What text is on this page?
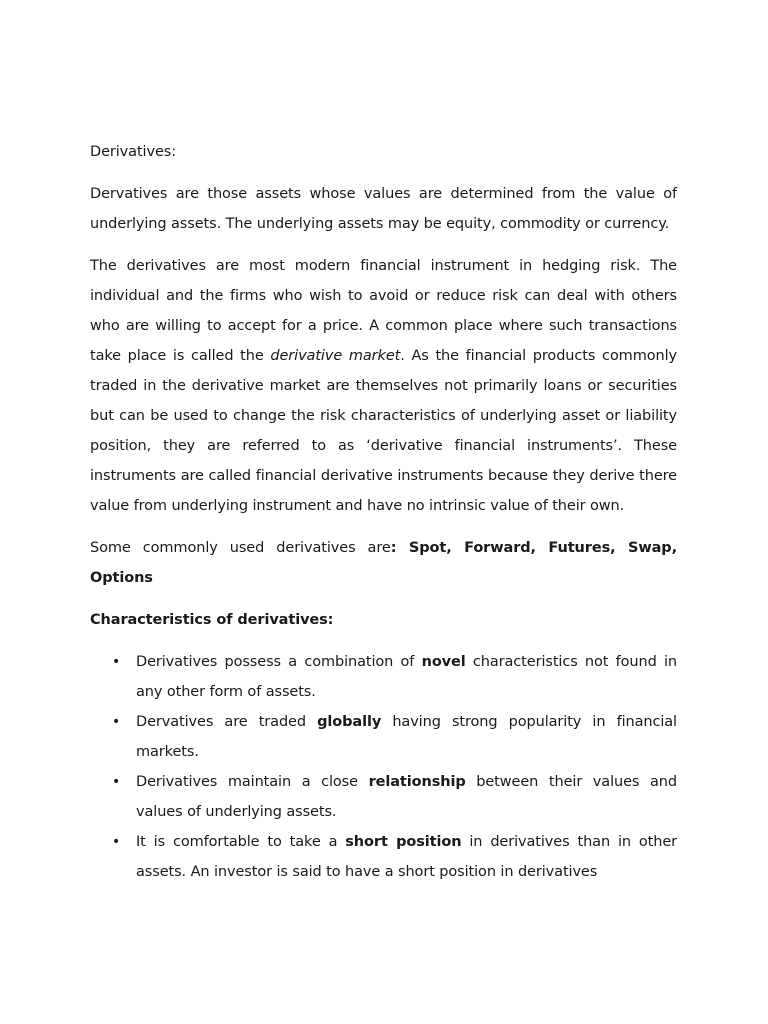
Derivatives:

Dervatives are those assets whose values are determined from the value of underlying assets. The underlying assets may be equity, commodity or currency.

The derivatives are most modern financial instrument in hedging risk. The individual and the firms who wish to avoid or reduce risk can deal with others who are willing to accept for a price. A common place where such transactions take place is called the derivative market. As the financial products commonly traded in the derivative market are themselves not primarily loans or securities but can be used to change the risk characteristics of underlying asset or liability position, they are referred to as ‘derivative financial instruments’. These instruments are called financial derivative instruments because they derive there value from underlying instrument and have no intrinsic value of their own.

Some commonly used derivatives are: Spot, Forward, Futures, Swap, Options

Characteristics of derivatives:

• Derivatives possess a combination of novel characteristics not found in any other form of assets.
• Dervatives are traded globally having strong popularity in financial markets.
• Derivatives maintain a close relationship between their values and values of underlying assets.
• It is comfortable to take a short position in derivatives than in other assets. An investor is said to have a short position in derivatives
